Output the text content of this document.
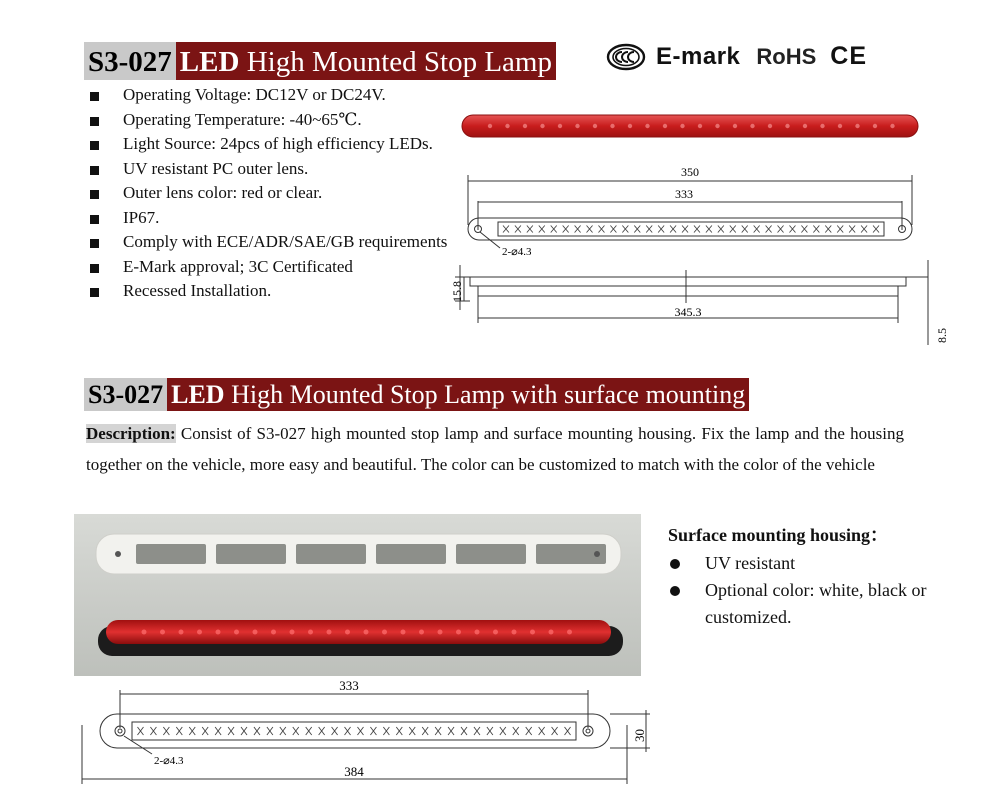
S3-027 LED High Mounted Stop Lamp	E-mark RoHS CE
Operating Voltage: DC12V or DC24V.
Operating Temperature: -40~65℃.
Light Source: 24pcs of high efficiency LEDs.
UV resistant PC outer lens.
Outer lens color: red or clear.
IP67.
Comply with ECE/ADR/SAE/GB requirements
E-Mark approval; 3C Certificated
Recessed Installation.
350
333
2-⌀4.3
15.8
345.3
8.5
S3-027 LED High Mounted Stop Lamp with surface mounting
Description: Consist of S3-027 high mounted stop lamp and surface mounting housing. Fix the lamp and the housing together on the vehicle, more easy and beautiful. The color can be customized to match with the color of the vehicle
Surface mounting housing：
UV resistant
Optional color: white, black or customized.
333
2-⌀4.3
30
384
